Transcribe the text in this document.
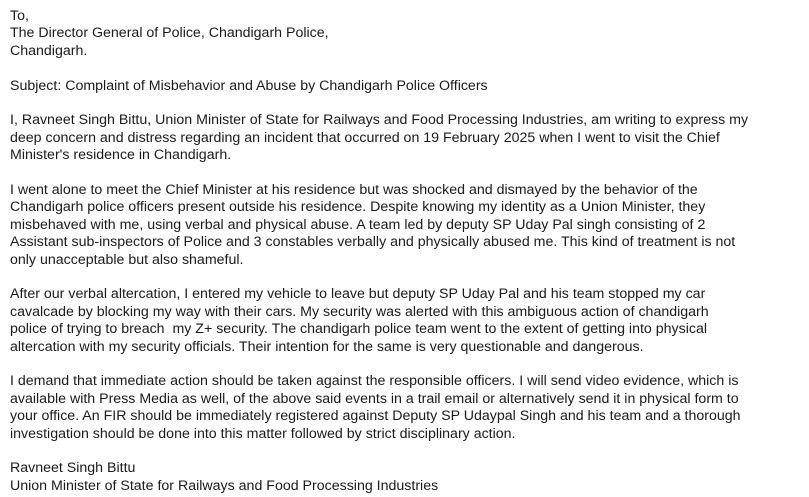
To,
The Director General of Police, Chandigarh Police,
Chandigarh.
Subject: Complaint of Misbehavior and Abuse by Chandigarh Police Officers
I, Ravneet Singh Bittu, Union Minister of State for Railways and Food Processing Industries, am writing to express my
deep concern and distress regarding an incident that occurred on 19 February 2025 when I went to visit the Chief
Minister's residence in Chandigarh.
I went alone to meet the Chief Minister at his residence but was shocked and dismayed by the behavior of the
Chandigarh police officers present outside his residence. Despite knowing my identity as a Union Minister, they
misbehaved with me, using verbal and physical abuse. A team led by deputy SP Uday Pal singh consisting of 2
Assistant sub-inspectors of Police and 3 constables verbally and physically abused me. This kind of treatment is not
only unacceptable but also shameful.
After our verbal altercation, I entered my vehicle to leave but deputy SP Uday Pal and his team stopped my car
cavalcade by blocking my way with their cars. My security was alerted with this ambiguous action of chandigarh
police of trying to breach  my Z+ security. The chandigarh police team went to the extent of getting into physical
altercation with my security officials. Their intention for the same is very questionable and dangerous.
I demand that immediate action should be taken against the responsible officers. I will send video evidence, which is
available with Press Media as well, of the above said events in a trail email or alternatively send it in physical form to
your office. An FIR should be immediately registered against Deputy SP Udaypal Singh and his team and a thorough
investigation should be done into this matter followed by strict disciplinary action.
Ravneet Singh Bittu
Union Minister of State for Railways and Food Processing Industries
